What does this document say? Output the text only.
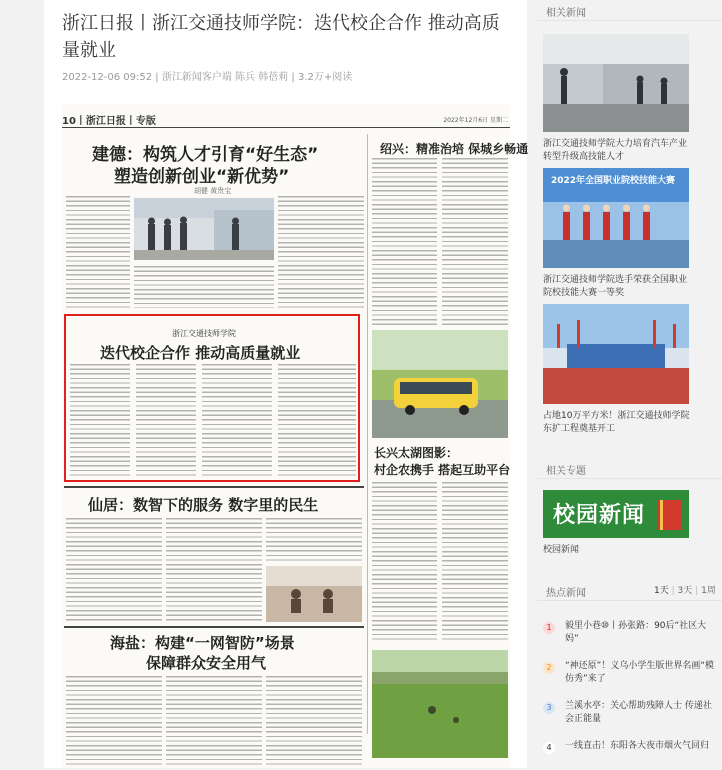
浙江日报丨浙江交通技师学院：迭代校企合作 推动高质量就业
2022-12-06 09:52 | 浙江新闻客户端 陈兵 韩蓓莉 | 3.2万+阅读
10丨浙江日报丨专版	2022年12月6日 星期二
建德：构筑人才引育“好生态”
塑造创新创业“新优势”
胡健 黄贵宝
浙江交通技师学院
迭代校企合作 推动高质量就业
绍兴：精准治培 保城乡畅通
长兴太湖图影：
村企农携手 搭起互助平台
仙居：数智下的服务 数字里的民生
海盐：构建“一网智防”场景
保障群众安全用气
相关新闻
浙江交通技师学院大力培育汽车产业转型升级高技能人才
2022年全国职业院校技能大赛
浙江交通技师学院选手荣获全国职业院校技能大赛一等奖
占地10万平方米！浙江交通技师学院东扩工程奠基开工
相关专题
校园新闻
校园新闻
热点新闻	1天 | 3天 | 1周
1	毅里小巷⑩丨孙张路：90后“社区大妈”
2	“神还原”！义乌小学生版世界名画“模仿秀”来了
3	兰溪水亭：关心帮助残障人士 传递社会正能量
4	一线直击！东阳各大夜市烟火气回归
